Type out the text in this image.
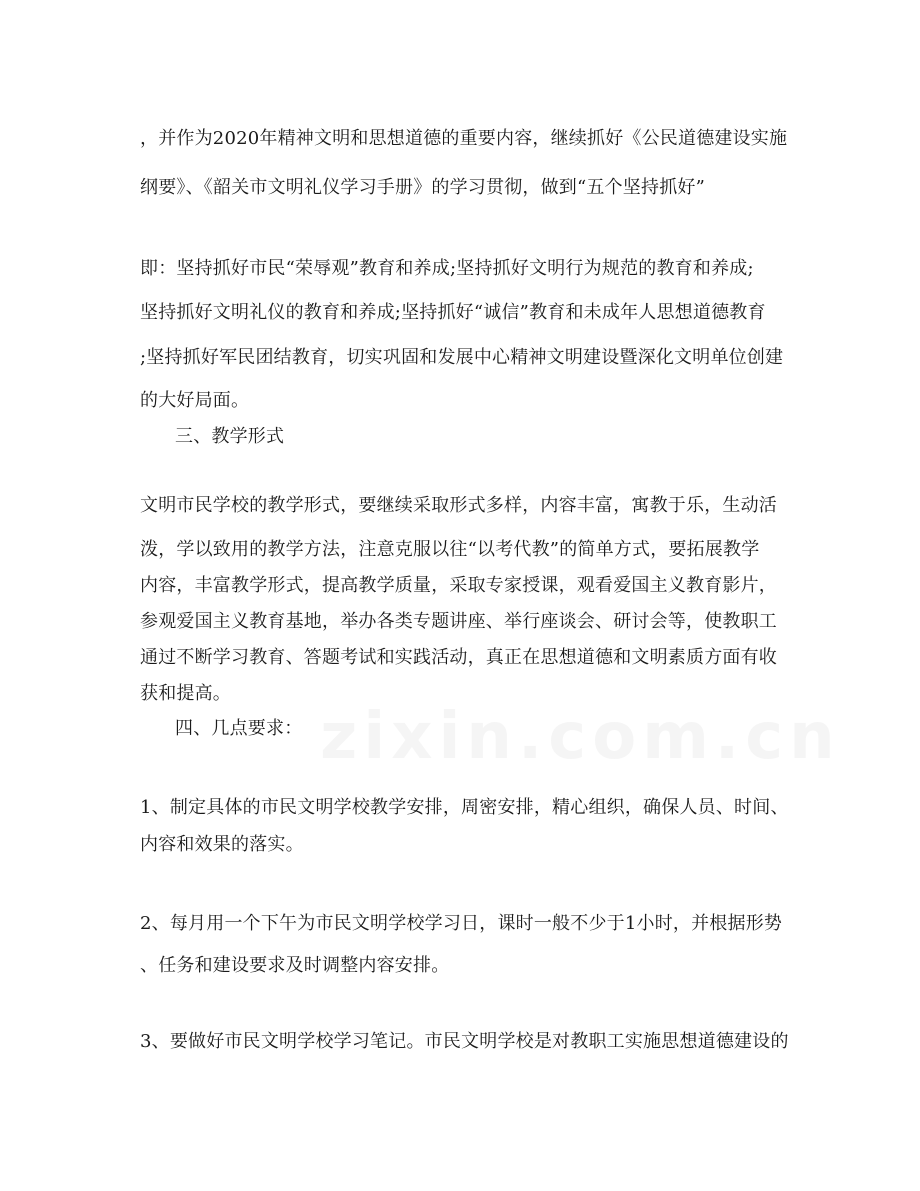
，并作为2020年精神文明和思想道德的重要内容，继续抓好《公民道德建设实施
纲要》、《韶关市文明礼仪学习手册》的学习贯彻，做到“五个坚持抓好”
即：坚持抓好市民“荣辱观”教育和养成;坚持抓好文明行为规范的教育和养成;
坚持抓好文明礼仪的教育和养成;坚持抓好“诚信”教育和未成年人思想道德教育
;坚持抓好军民团结教育，切实巩固和发展中心精神文明建设暨深化文明单位创建
的大好局面。
三、教学形式
文明市民学校的教学形式，要继续采取形式多样，内容丰富，寓教于乐，生动活
泼，学以致用的教学方法，注意克服以往“以考代教”的简单方式，要拓展教学
内容，丰富教学形式，提高教学质量，采取专家授课，观看爱国主义教育影片，
参观爱国主义教育基地，举办各类专题讲座、举行座谈会、研讨会等，使教职工
通过不断学习教育、答题考试和实践活动，真正在思想道德和文明素质方面有收
获和提高。
四、几点要求：
1、制定具体的市民文明学校教学安排，周密安排，精心组织，确保人员、时间、
内容和效果的落实。
2、每月用一个下午为市民文明学校学习日，课时一般不少于1小时，并根据形势
、任务和建设要求及时调整内容安排。
3、要做好市民文明学校学习笔记。市民文明学校是对教职工实施思想道德建设的
zixin.com.cn
